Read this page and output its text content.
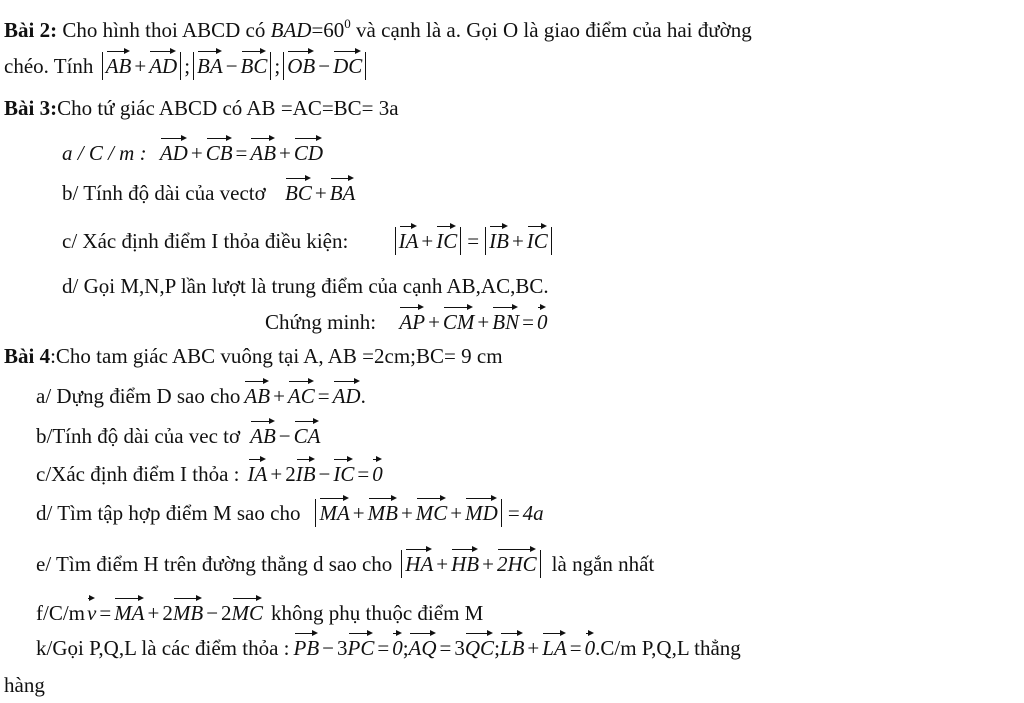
Bài 2: Cho hình thoi ABCD có $BAD=60^0$ và cạnh là a. Gọi O là giao điểm của hai đường
chéo. Tính AB + AD ; BA − BC ; OB − DC
Bài 3:Cho tứ giác ABCD có AB =AC=BC= 3a
a / C / m : AD + CB = AB + CD
b/ Tính độ dài của vectơ BC + BA
c/ Xác định điểm I thỏa điều kiện: IA + IC = IB + IC
d/ Gọi M,N,P lần lượt là trung điểm của cạnh AB,AC,BC.
Chứng minh: AP + CM + BN = 0
Bài 4:Cho tam giác ABC vuông tại A, AB =2cm;BC= 9 cm
a/ Dựng điểm D sao cho AB + AC = AD.
b/Tính độ dài của vec tơ AB − CA
c/Xác định điểm I thỏa : IA + 2IB − IC = 0
d/ Tìm tập hợp điểm M sao cho MA + MB + MC + MD = 4a
e/ Tìm điểm H trên đường thẳng d sao cho HA + HB + 2HC là ngắn nhất
f/C/mv = MA + 2MB − 2MC không phụ thuộc điểm M
k/Gọi P,Q,L là các điểm thỏa : PB − 3PC = 0;AQ = 3QC;LB + LA = 0.C/m P,Q,L thẳng
hàng
